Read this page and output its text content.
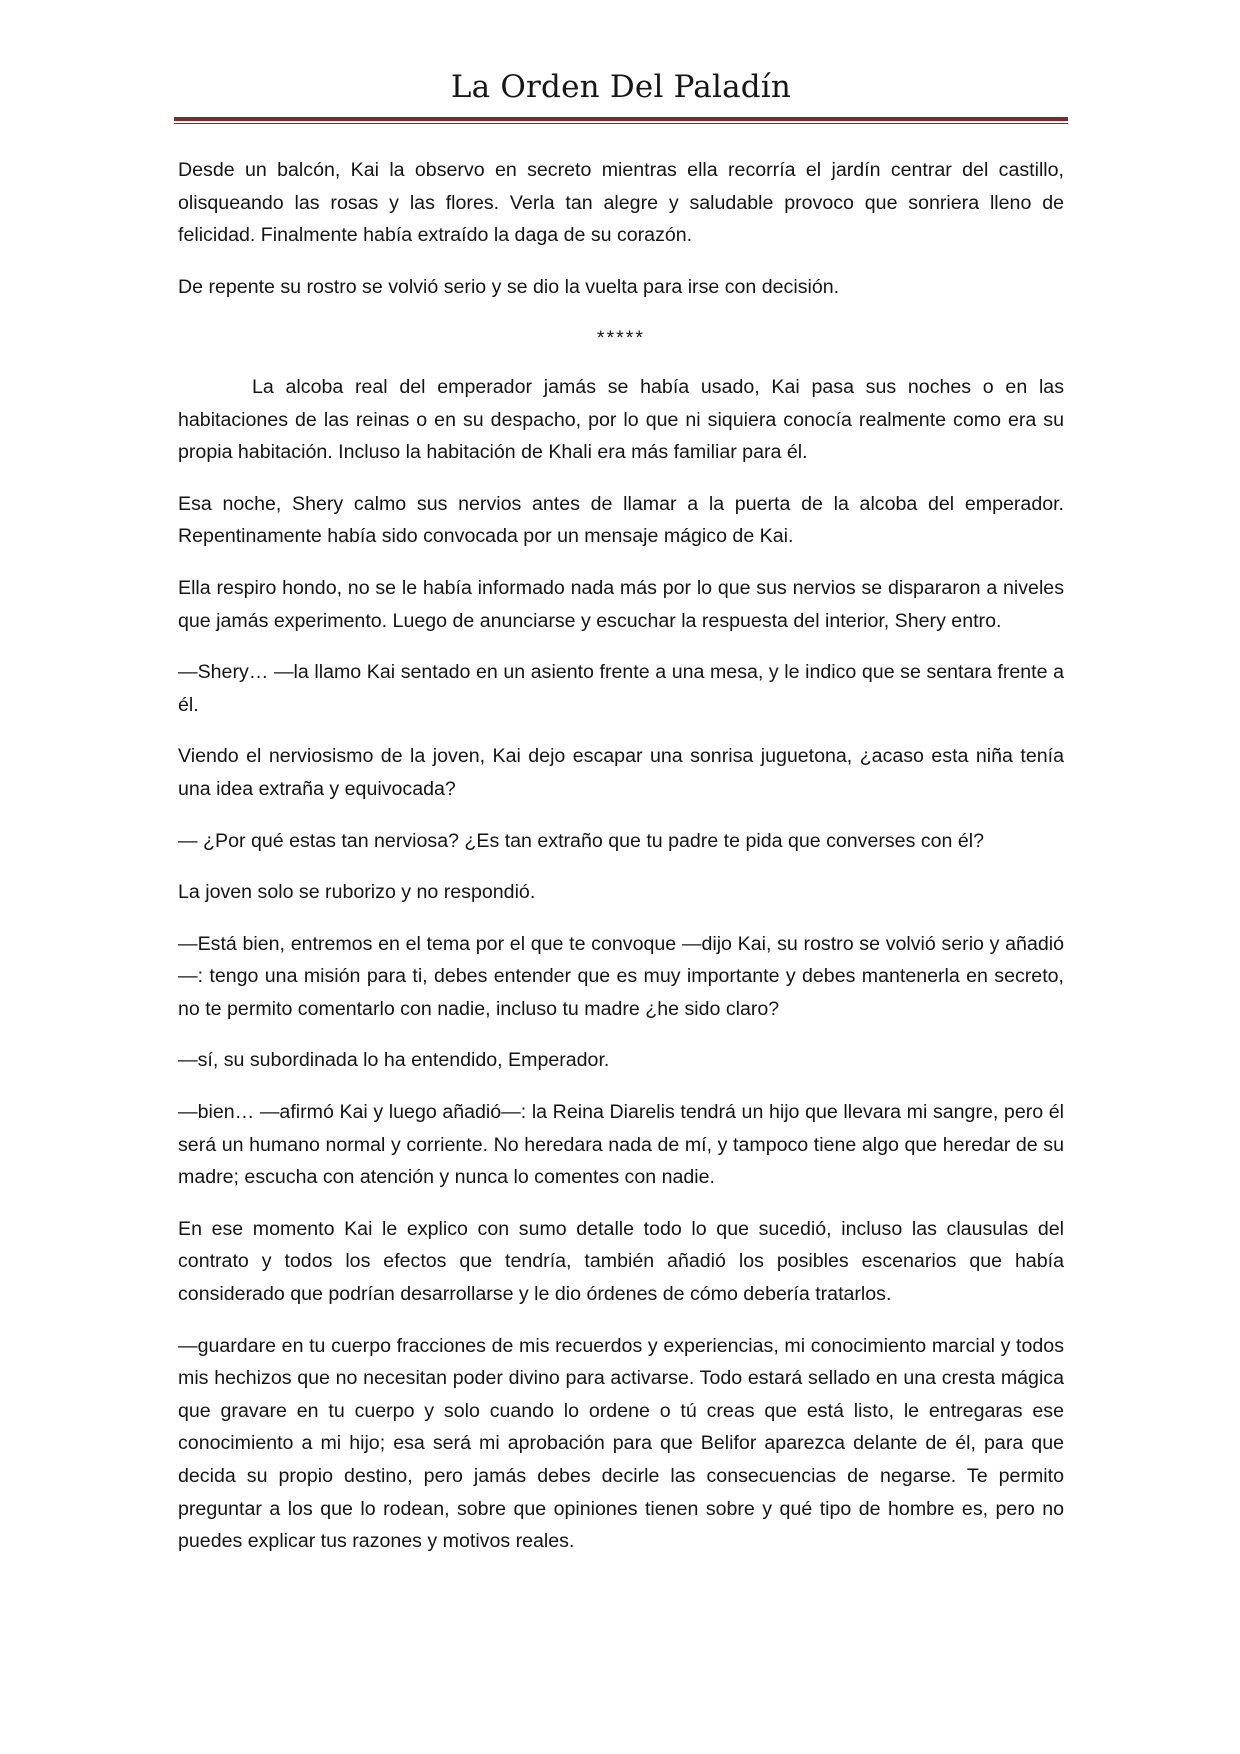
La Orden Del Paladín

Desde un balcón, Kai la observo en secreto mientras ella recorría el jardín centrar del castillo, olisqueando las rosas y las flores. Verla tan alegre y saludable provoco que sonriera lleno de felicidad. Finalmente había extraído la daga de su corazón.

De repente su rostro se volvió serio y se dio la vuelta para irse con decisión.

*****

La alcoba real del emperador jamás se había usado, Kai pasa sus noches o en las habitaciones de las reinas o en su despacho, por lo que ni siquiera conocía realmente como era su propia habitación. Incluso la habitación de Khali era más familiar para él.

Esa noche, Shery calmo sus nervios antes de llamar a la puerta de la alcoba del emperador. Repentinamente había sido convocada por un mensaje mágico de Kai.

Ella respiro hondo, no se le había informado nada más por lo que sus nervios se dispararon a niveles que jamás experimento. Luego de anunciarse y escuchar la respuesta del interior, Shery entro.

—Shery… —la llamo Kai sentado en un asiento frente a una mesa, y le indico que se sentara frente a él.

Viendo el nerviosismo de la joven, Kai dejo escapar una sonrisa juguetona, ¿acaso esta niña tenía una idea extraña y equivocada?

— ¿Por qué estas tan nerviosa? ¿Es tan extraño que tu padre te pida que converses con él?

La joven solo se ruborizo y no respondió.

—Está bien, entremos en el tema por el que te convoque —dijo Kai, su rostro se volvió serio y añadió—: tengo una misión para ti, debes entender que es muy importante y debes mantenerla en secreto, no te permito comentarlo con nadie, incluso tu madre ¿he sido claro?

—sí, su subordinada lo ha entendido, Emperador.

—bien… —afirmó Kai y luego añadió—: la Reina Diarelis tendrá un hijo que llevara mi sangre, pero él será un humano normal y corriente. No heredara nada de mí, y tampoco tiene algo que heredar de su madre; escucha con atención y nunca lo comentes con nadie.

En ese momento Kai le explico con sumo detalle todo lo que sucedió, incluso las clausulas del contrato y todos los efectos que tendría, también añadió los posibles escenarios que había considerado que podrían desarrollarse y le dio órdenes de cómo debería tratarlos.

—guardare en tu cuerpo fracciones de mis recuerdos y experiencias, mi conocimiento marcial y todos mis hechizos que no necesitan poder divino para activarse. Todo estará sellado en una cresta mágica que gravare en tu cuerpo y solo cuando lo ordene o tú creas que está listo, le entregaras ese conocimiento a mi hijo; esa será mi aprobación para que Belifor aparezca delante de él, para que decida su propio destino, pero jamás debes decirle las consecuencias de negarse. Te permito preguntar a los que lo rodean, sobre que opiniones tienen sobre y qué tipo de hombre es, pero no puedes explicar tus razones y motivos reales.
